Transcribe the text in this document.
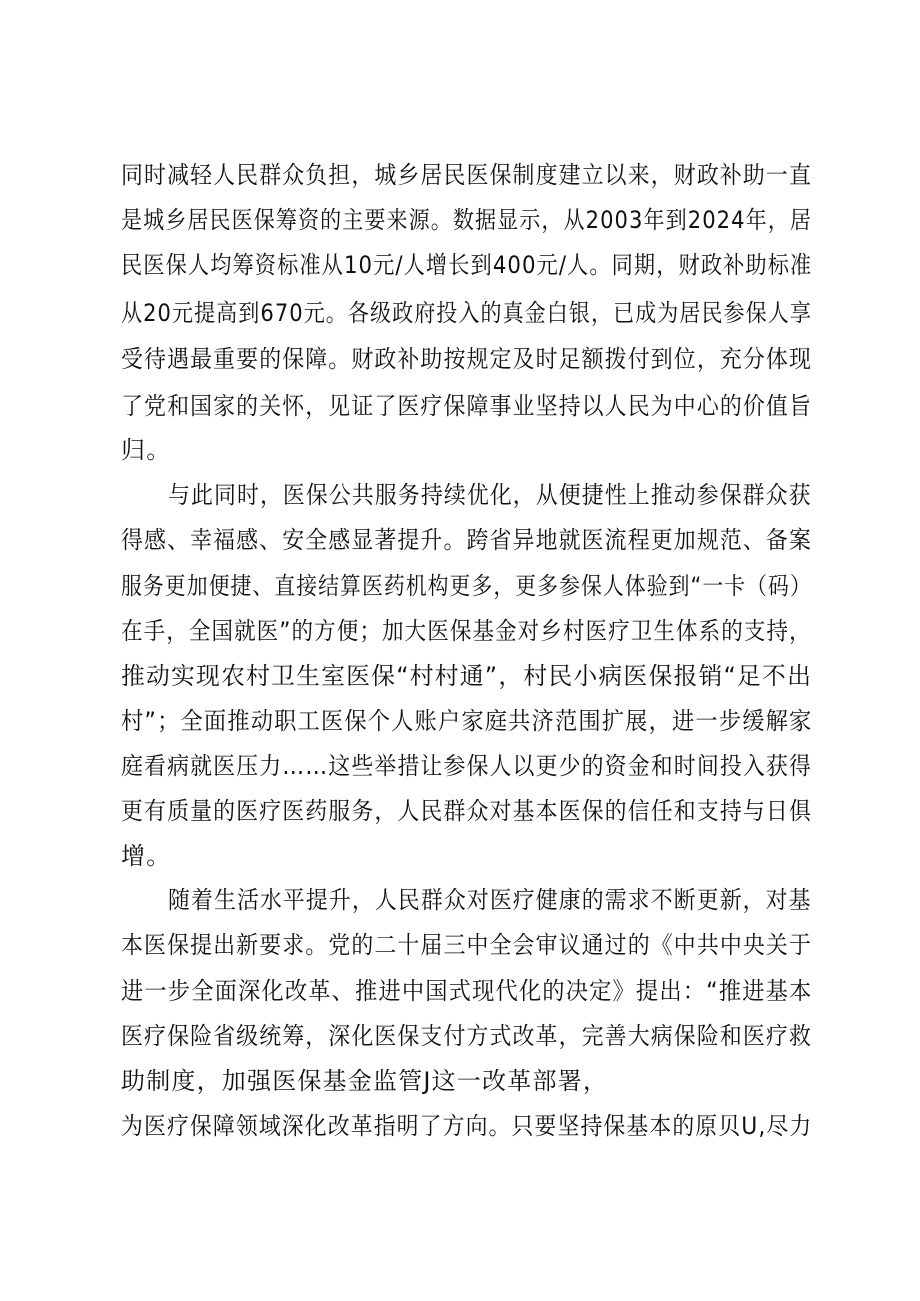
同时减轻人民群众负担，城乡居民医保制度建立以来，财政补助一直
是城乡居民医保筹资的主要来源。数据显示，从2003年到2024年，居
民医保人均筹资标准从10元/人增长到400元/人。同期，财政补助标准
从20元提高到670元。各级政府投入的真金白银，已成为居民参保人享
受待遇最重要的保障。财政补助按规定及时足额拨付到位，充分体现
了党和国家的关怀，见证了医疗保障事业坚持以人民为中心的价值旨
归。
与此同时，医保公共服务持续优化，从便捷性上推动参保群众获
得感、幸福感、安全感显著提升。跨省异地就医流程更加规范、备案
服务更加便捷、直接结算医药机构更多，更多参保人体验到“一卡（码）
在手，全国就医”的方便；加大医保基金对乡村医疗卫生体系的支持，
推动实现农村卫生室医保“村村通”，村民小病医保报销“足不出
村”；全面推动职工医保个人账户家庭共济范围扩展，进一步缓解家
庭看病就医压力……这些举措让参保人以更少的资金和时间投入获得
更有质量的医疗医药服务，人民群众对基本医保的信任和支持与日俱
增。
随着生活水平提升，人民群众对医疗健康的需求不断更新，对基
本医保提出新要求。党的二十届三中全会审议通过的《中共中央关于
进一步全面深化改革、推进中国式现代化的决定》提出：“推进基本
医疗保险省级统筹，深化医保支付方式改革，完善大病保险和医疗救
助制度，加强医保基金监管J这一改革部署，
为医疗保障领域深化改革指明了方向。只要坚持保基本的原贝U,尽力
